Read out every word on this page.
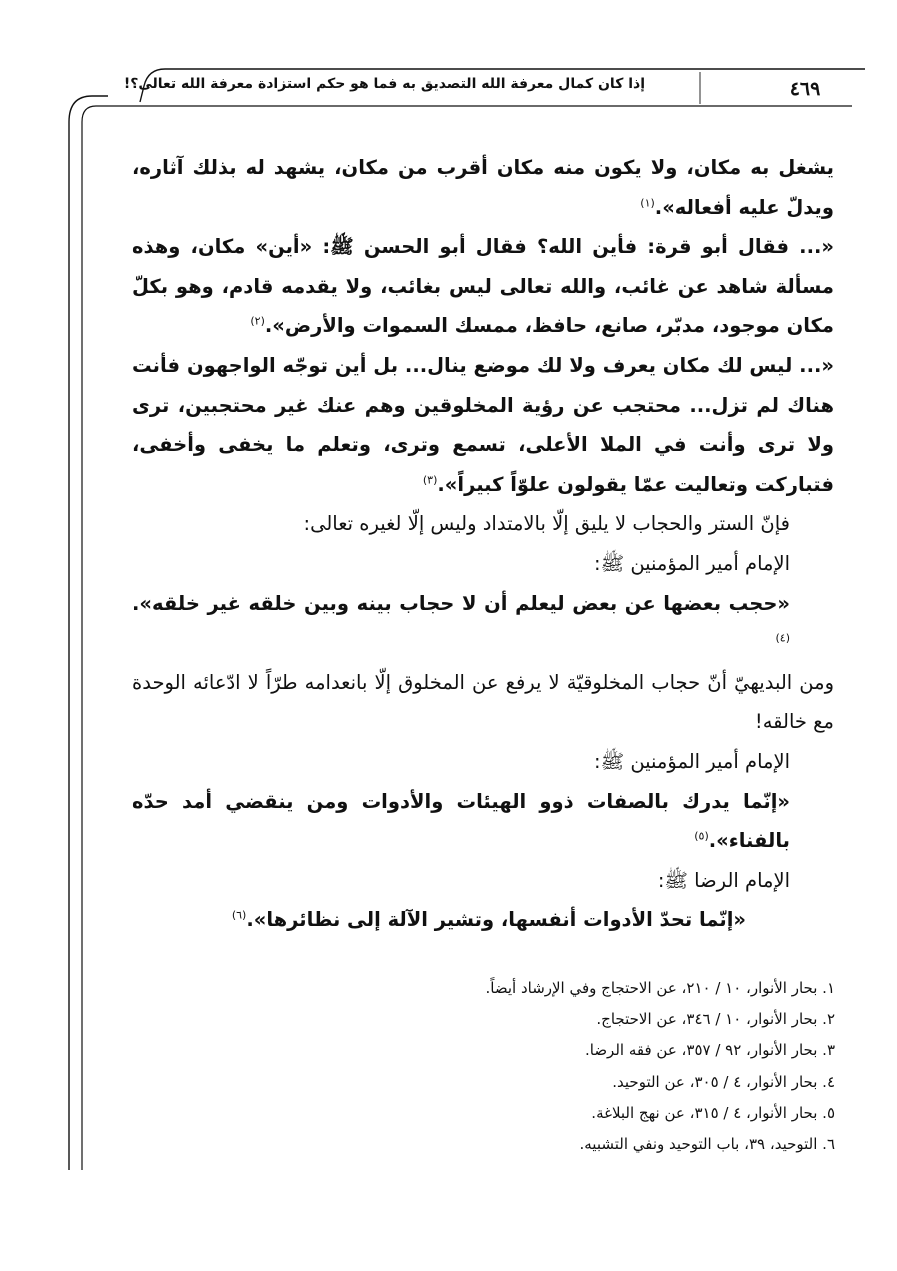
إذا كان كمال معرفة الله التصديق به فما هو حكم استزادة معرفة الله تعالى؟!	٤٦٩

يشغل به مكان، ولا يكون منه مكان أقرب من مكان، يشهد له بذلك آثاره، ويدلّ عليه أفعاله».$^{(١)}$

«... فقال أبو قرة: فأين الله؟ فقال أبو الحسن ﷺ: «أين» مكان، وهذه مسألة شاهد عن غائب، والله تعالى ليس بغائب، ولا يقدمه قادم، وهو بكلّ مكان موجود، مدبّر، صانع، حافظ، ممسك السموات والأرض».$^{(٢)}$

«... ليس لك مكان يعرف ولا لك موضع ينال... بل أين توجّه الواجهون فأنت هناك لم تزل... محتجب عن رؤية المخلوقين وهم عنك غير محتجبين، ترى ولا ترى وأنت في الملا الأعلى، تسمع وترى، وتعلم ما يخفى وأخفى، فتباركت وتعاليت عمّا يقولون علوّاً كبيراً».$^{(٣)}$

فإنّ الستر والحجاب لا يليق إلّا بالامتداد وليس إلّا لغيره تعالى:

الإمام أمير المؤمنين ﷺ:

«حجب بعضها عن بعض ليعلم أن لا حجاب بينه وبين خلقه غير خلقه».$^{(٤)}$

ومن البديهيّ أنّ حجاب المخلوقيّة لا يرفع عن المخلوق إلّا بانعدامه طرّاً لا ادّعائه الوحدة مع خالقه!

الإمام أمير المؤمنين ﷺ:

«إنّما يدرك بالصفات ذوو الهيئات والأدوات ومن ينقضي أمد حدّه بالفناء».$^{(٥)}$

الإمام الرضا ﷺ:

«إنّما تحدّ الأدوات أنفسها، وتشير الآلة إلى نظائرها».$^{(٦)}$

١. بحار الأنوار، ١٠ / ٢١٠، عن الاحتجاج وفي الإرشاد أيضاً.

٢. بحار الأنوار، ١٠ / ٣٤٦، عن الاحتجاج.

٣. بحار الأنوار، ٩٢ / ٣٥٧، عن فقه الرضا.

٤. بحار الأنوار، ٤ / ٣٠٥، عن التوحيد.

٥. بحار الأنوار، ٤ / ٣١٥، عن نهج البلاغة.

٦. التوحيد، ٣٩، باب التوحيد ونفي التشبيه.
